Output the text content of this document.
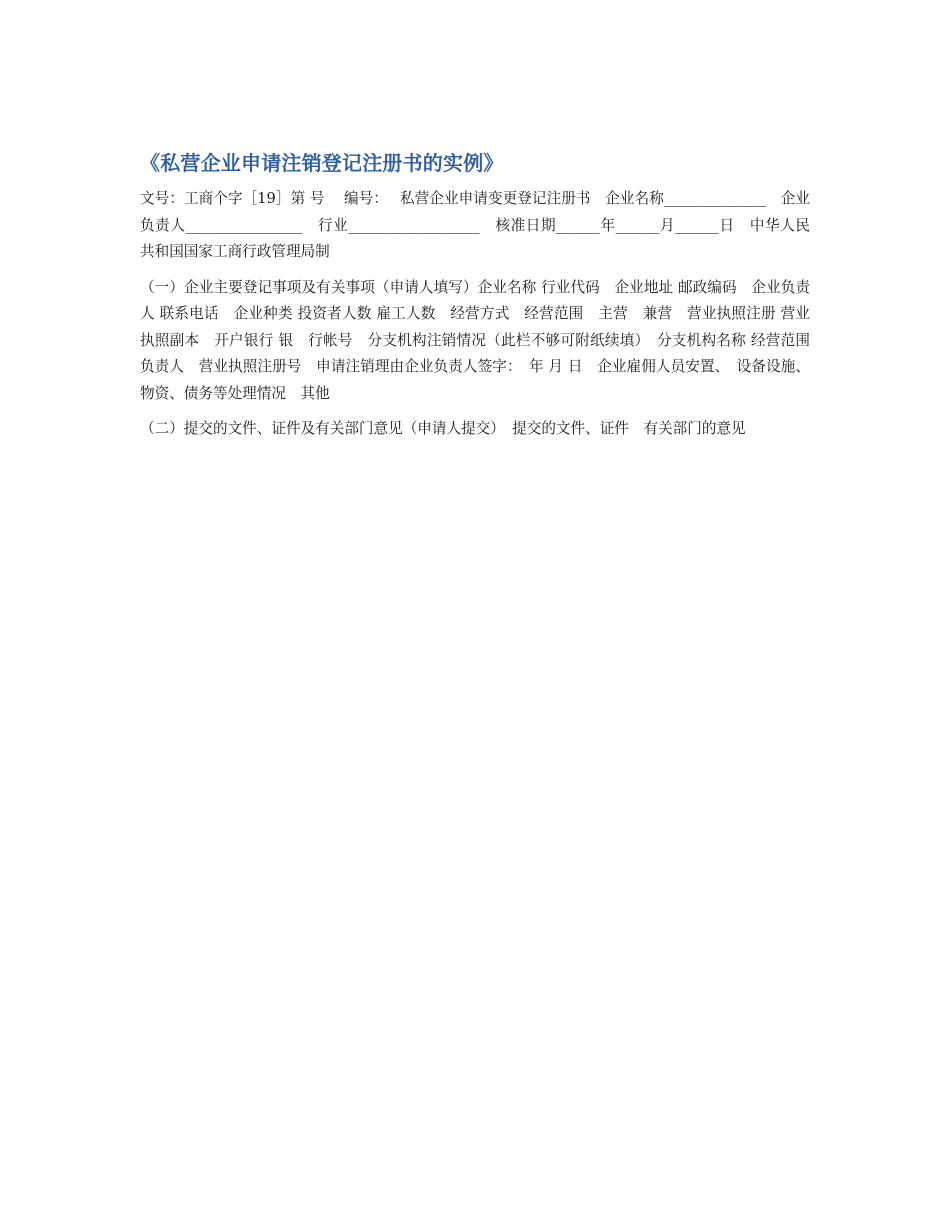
《私营企业申请注销登记注册书的实例》

文号：工商个字［19］第 号　 编号：　 私营企业申请变更登记注册书　企业名称______________　企业负责人________________　行业__________________　核准日期______年______月______日　中华人民共和国国家工商行政管理局制

（一）企业主要登记事项及有关事项（申请人填写）企业名称 行业代码　企业地址 邮政编码　企业负责人 联系电话　企业种类 投资者人数 雇工人数　经营方式　经营范围　主营　兼营　营业执照注册 营业执照副本　开户银行 银　行帐号　分支机构注销情况（此栏不够可附纸续填）　分支机构名称 经营范围 负责人　营业执照注册号　申请注销理由企业负责人签字：　年 月 日　企业雇佣人员安置、　设备设施、物资、债务等处理情况　其他

（二）提交的文件、证件及有关部门意见（申请人提交）　提交的文件、证件　有关部门的意见
